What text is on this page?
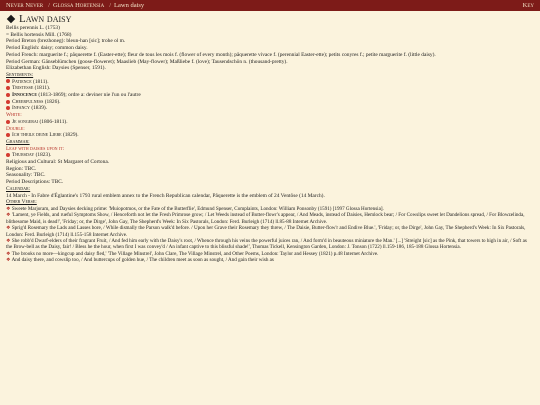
Never Never / Glossa Hortensia / Lawn daisy	Key
Lawn daisy
Bellis perennis L. (1753)
= Bellis hortensis Mill. (1768)
Period Breton (brezhoneg): bleun-han [sic]; trohe ol m.
Period English: daisy; common daisy.
Period French: marguerite f.; pâquerette f. (Easter-ette); fleur de tous les mois f. (flower of every month); pâquerette vivace f. (perennial Easter-ette); petits conyres f.; petite marguerite f. (little daisy).
Period German: Gänseblümchen (goose-floweret); Maaslieb (May-flower); Maßliebe f. (love); Tausendschön n. (thousand-pretty).
Elizabethan English: Daysies (Spenser, 1591).
Sentiments:
Patience (1811).
Tristesse (1811).
Innocence (1813-1869); ordre a: deviner nie l'un ou l'autre
Cheerfulness (1826).
Infancy (1839).
White:
Je songerai (1806-1811).
Double:
Ich theile deine Liebe (1829).
Grammar:
Leaf with daisies upon it:
Thursday (1823).
Religious and Cultural: St Margaret of Cortona.
Region: TBC.
Seasonality: TBC.
Period Descriptions: TBC.
Calendar:
14 March - In Fabre d'Églantine's 1793 rural emblem annex to the French Republican calendar, Pâquerette is the emblem of 24 Ventôse (14 March).
Other Verse:
❖ Sweete Marjoram, and Daysies decking prime: 'Muiopotmos, or the Fate of the Butterflie', Edmund Spenser, Complaints, London: William Ponsonby (1591) [1997 Glossa Hortensia].
❖ 'Lament, ye Fields, and rueful Symptoms Show, / Henceforth not let the Fresh Primrose grow; / Let Weeds instead of Butter-flowr's appear, / And Meads, instead of Daisies, Hemlock bear; / For Cowslips sweet let Dandelions spread, / For Blowzelinda, blithesome Maid, is dead!', 'Friday; or, the Dirge', John Gay, The Shepherd's Week: In Six Pastorals, London: Ferd. Burleigh (1714) ll.85-88 Internet Archive.
❖ Sprig'd Rosemary the Lads and Lasses bore, / While dismally the Parson walk'd before. / Upon her Grave their Rosemary they threw, / The Daisie, Butter-flow'r and Endive Blue.', 'Friday; or, the Dirge', John Gay, The Shepherd's Week: In Six Pastorals, London: Ferd. Burleigh (1714) ll.155-158 Internet Archive.
❖ She robb'd Dwarf-elders of their fragrant Fruit, / And fed him early with the Daisy's root, / Whence through his veins the powerful juices ran, / And form'd in beauteous miniature the Man.' [...] 'Streight [sic] as the Pink, that towers to high in air, / Soft as the Brow-bell as the Daisy, fair! / Bless he the hour, when first I was convey'd / An infant captive to this blissful shade!', Thomas Tickell, Kensington Garden, London: J. Tonson (1722) ll.159-186, 185-188 Glossa Hortensia.
❖ The brooks no more—kingcup and daisy fled,' 'The Village Minstrel', John Clare, The Village Minstrel, and Other Poems, London: Taylor and Hessey (1821) p.48 Internet Archive.
❖ And daisy there, and cowslip too, / And buttercups of golden hue, / The children meet as soon as sought, / And gain their wish as
